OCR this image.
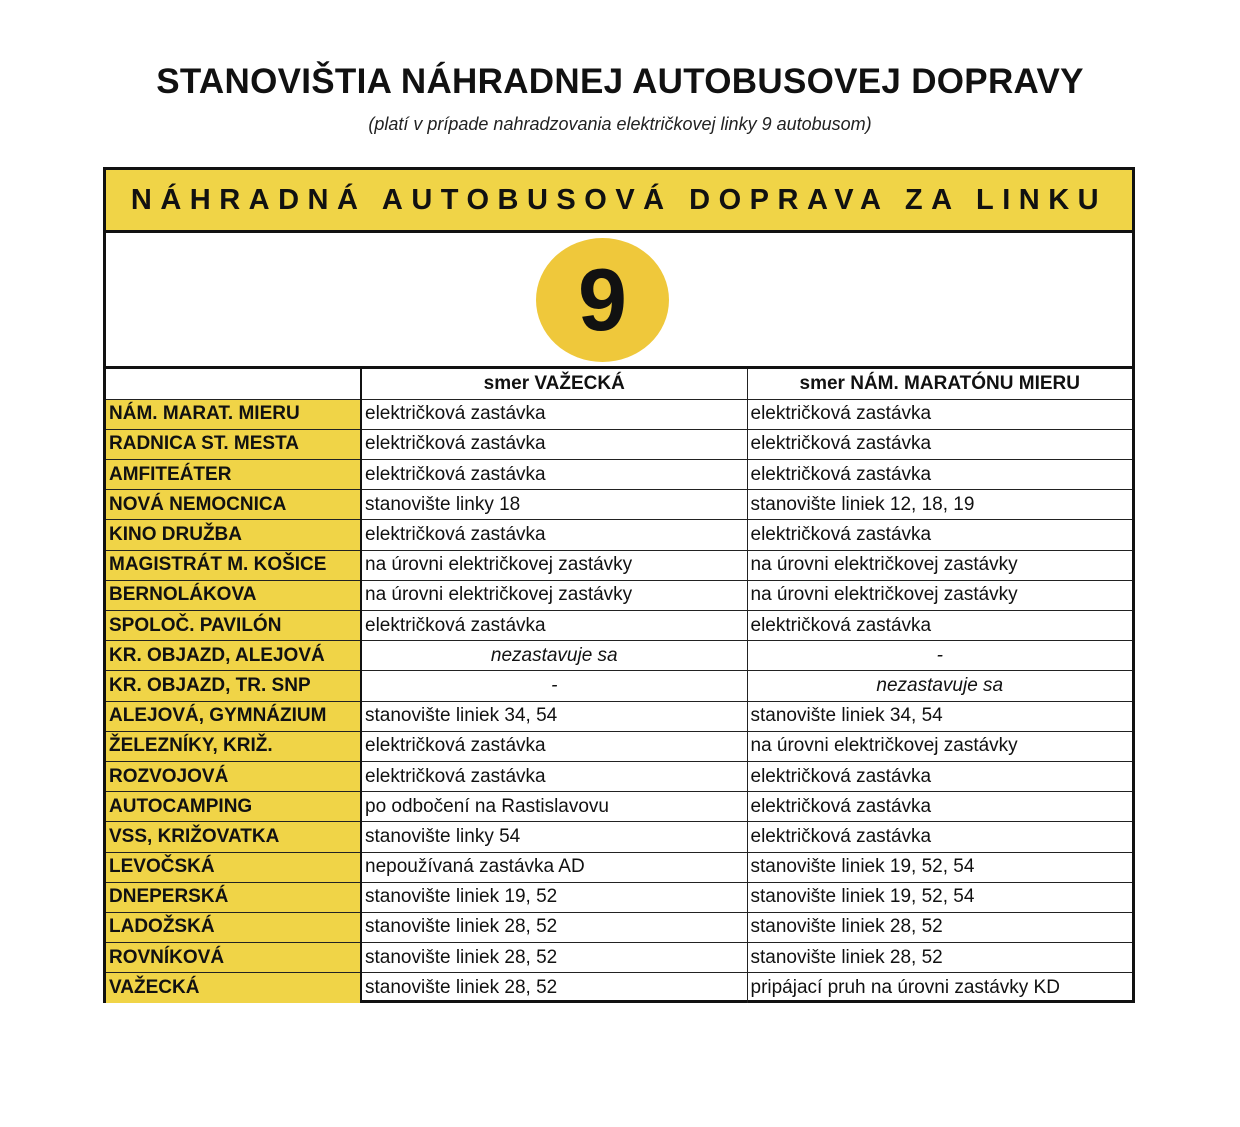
STANOVIŠTIA NÁHRADNEJ AUTOBUSOVEJ DOPRAVY
(platí v prípade nahradzovania električkovej linky 9 autobusom)
NÁHRADNÁ AUTOBUSOVÁ DOPRAVA ZA LINKU
9
	smer VAŽECKÁ	smer NÁM. MARATÓNU MIERU
NÁM. MARAT. MIERU	električková zastávka	električková zastávka
RADNICA ST. MESTA	električková zastávka	električková zastávka
AMFITEÁTER	električková zastávka	električková zastávka
NOVÁ NEMOCNICA	stanovište linky 18	stanovište liniek 12, 18, 19
KINO DRUŽBA	električková zastávka	električková zastávka
MAGISTRÁT M. KOŠICE	na úrovni električkovej zastávky	na úrovni električkovej zastávky
BERNOLÁKOVA	na úrovni električkovej zastávky	na úrovni električkovej zastávky
SPOLOČ. PAVILÓN	električková zastávka	električková zastávka
KR. OBJAZD, ALEJOVÁ	nezastavuje sa	-
KR. OBJAZD, TR. SNP	-	nezastavuje sa
ALEJOVÁ, GYMNÁZIUM	stanovište liniek 34, 54	stanovište liniek 34, 54
ŽELEZNÍKY, KRIŽ.	električková zastávka	na úrovni električkovej zastávky
ROZVOJOVÁ	električková zastávka	električková zastávka
AUTOCAMPING	po odbočení na Rastislavovu	električková zastávka
VSS, KRIŽOVATKA	stanovište linky 54	električková zastávka
LEVOČSKÁ	nepoužívaná zastávka AD	stanovište liniek 19, 52, 54
DNEPERSKÁ	stanovište liniek 19, 52	stanovište liniek 19, 52, 54
LADOŽSKÁ	stanovište liniek 28, 52	stanovište liniek 28, 52
ROVNÍKOVÁ	stanovište liniek 28, 52	stanovište liniek 28, 52
VAŽECKÁ	stanovište liniek 28, 52	pripájací pruh na úrovni zastávky KD
